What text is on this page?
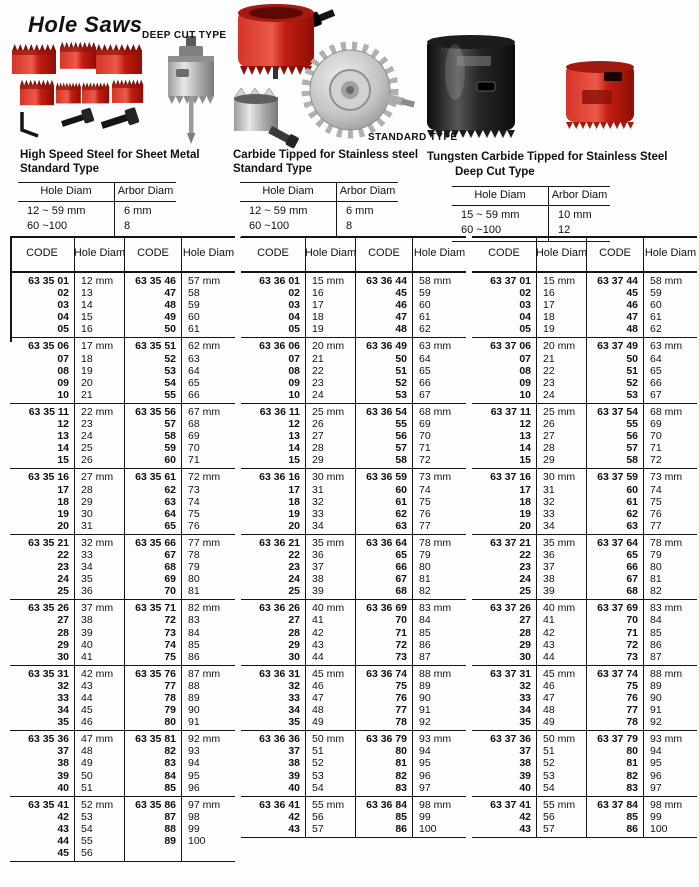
Hole Saws DEEP CUT TYPE
STANDARD TYPE
High Speed Steel for Sheet Metal
Standard Type
Hole Diam	Arbor Diam
12 ~ 59 mm	6 mm
60 ~100	8
Carbide Tipped for Stainless steel
Standard Type
Hole Diam	Arbor Diam
12 ~ 59 mm	6 mm
60 ~100	8
Tungsten Carbide Tipped for Stainless Steel
Deep Cut Type
Hole Diam	Arbor Diam
15 ~ 59 mm	10 mm
60 ~100	12
CODE	Hole Diam	CODE	Hole Diam
63 35 01	12 mm	63 35 46	57 mm
02	13	47	58
03	14	48	59
04	15	49	60
05	16	50	61
63 35 06	17 mm	63 35 51	62 mm
07	18	52	63
08	19	53	64
09	20	54	65
10	21	55	66
63 35 11	22 mm	63 35 56	67 mm
12	23	57	68
13	24	58	69
14	25	59	70
15	26	60	71
63 35 16	27 mm	63 35 61	72 mm
17	28	62	73
18	29	63	74
19	30	64	75
20	31	65	76
63 35 21	32 mm	63 35 66	77 mm
22	33	67	78
23	34	68	79
24	35	69	80
25	36	70	81
63 35 26	37 mm	63 35 71	82 mm
27	38	72	83
28	39	73	84
29	40	74	85
30	41	75	86
63 35 31	42 mm	63 35 76	87 mm
32	43	77	88
33	44	78	89
34	45	79	90
35	46	80	91
63 35 36	47 mm	63 35 81	92 mm
37	48	82	93
38	49	83	94
39	50	84	95
40	51	85	96
63 35 41	52 mm	63 35 86	97 mm
42	53	87	98
43	54	88	99
44	55	89	100
45	56
CODE	Hole Diam	CODE	Hole Diam
63 36 01	15 mm	63 36 44	58 mm
02	16	45	59
03	17	46	60
04	18	47	61
05	19	48	62
63 36 06	20 mm	63 36 49	63 mm
07	21	50	64
08	22	51	65
09	23	52	66
10	24	53	67
63 36 11	25 mm	63 36 54	68 mm
12	26	55	69
13	27	56	70
14	28	57	71
15	29	58	72
63 36 16	30 mm	63 36 59	73 mm
17	31	60	74
18	32	61	75
19	33	62	76
20	34	63	77
63 36 21	35 mm	63 36 64	78 mm
22	36	65	79
23	37	66	80
24	38	67	81
25	39	68	82
63 36 26	40 mm	63 36 69	83 mm
27	41	70	84
28	42	71	85
29	43	72	86
30	44	73	87
63 36 31	45 mm	63 36 74	88 mm
32	46	75	89
33	47	76	90
34	48	77	91
35	49	78	92
63 36 36	50 mm	63 36 79	93 mm
37	51	80	94
38	52	81	95
39	53	82	96
40	54	83	97
63 36 41	55 mm	63 36 84	98 mm
42	56	85	99
43	57	86	100
CODE	Hole Diam	CODE	Hole Diam
63 37 01	15 mm	63 37 44	58 mm
02	16	45	59
03	17	46	60
04	18	47	61
05	19	48	62
63 37 06	20 mm	63 37 49	63 mm
07	21	50	64
08	22	51	65
09	23	52	66
10	24	53	67
63 37 11	25 mm	63 37 54	68 mm
12	26	55	69
13	27	56	70
14	28	57	71
15	29	58	72
63 37 16	30 mm	63 37 59	73 mm
17	31	60	74
18	32	61	75
19	33	62	76
20	34	63	77
63 37 21	35 mm	63 37 64	78 mm
22	36	65	79
23	37	66	80
24	38	67	81
25	39	68	82
63 37 26	40 mm	63 37 69	83 mm
27	41	70	84
28	42	71	85
29	43	72	86
30	44	73	87
63 37 31	45 mm	63 37 74	88 mm
32	46	75	89
33	47	76	90
34	48	77	91
35	49	78	92
63 37 36	50 mm	63 37 79	93 mm
37	51	80	94
38	52	81	95
39	53	82	96
40	54	83	97
63 37 41	55 mm	63 37 84	98 mm
42	56	85	99
43	57	86	100
